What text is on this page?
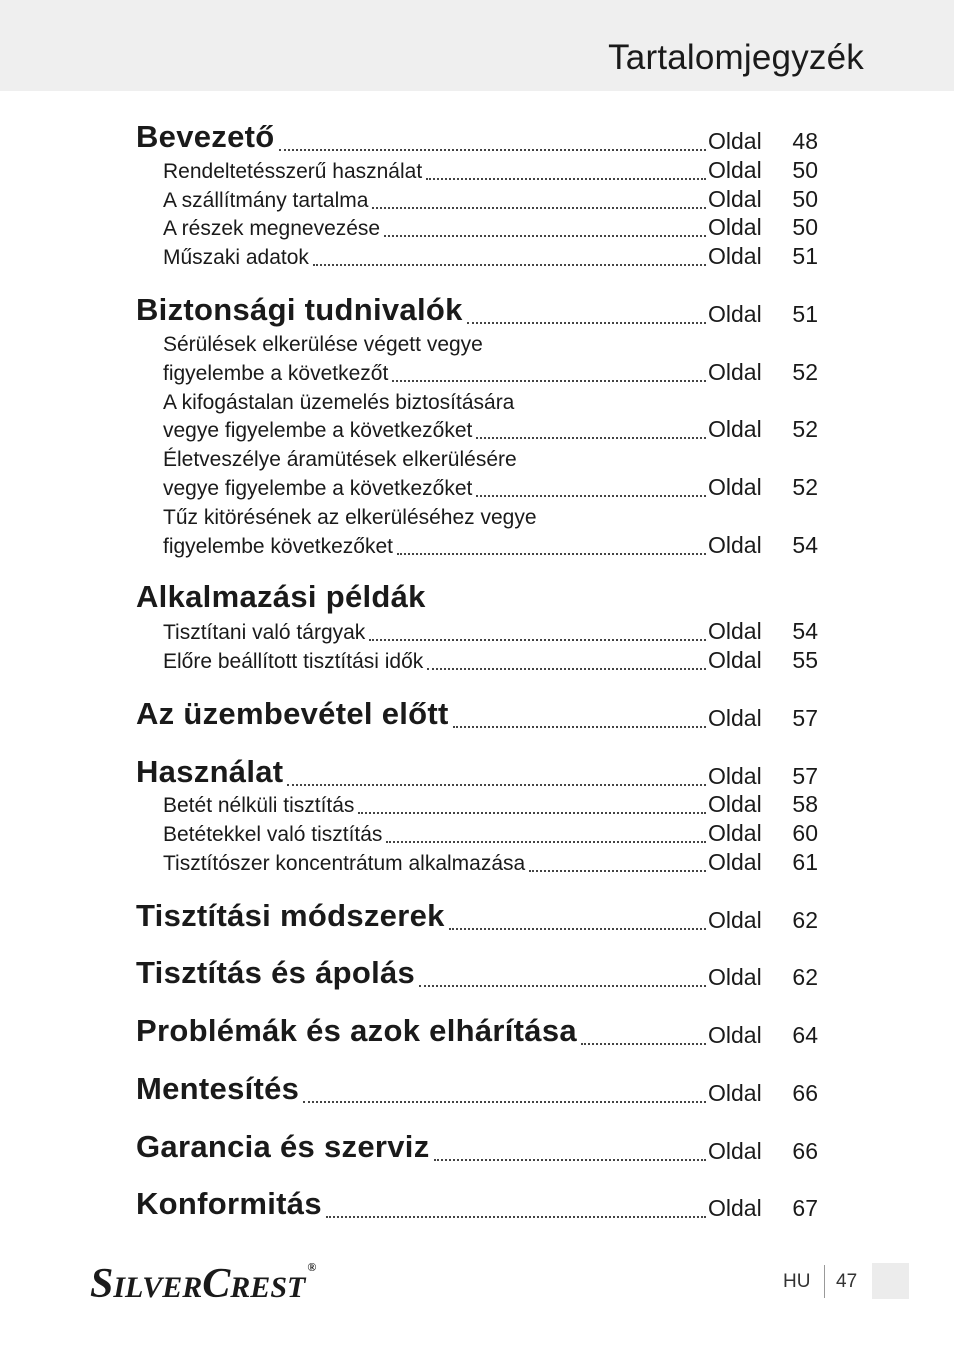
Tartalomjegyzék
Bevezető	Oldal 48
Rendeltetésszerű használat	Oldal 50
A szállítmány tartalma	Oldal 50
A részek megnevezése	Oldal 50
Műszaki adatok	Oldal 51
Biztonsági tudnivalók	Oldal 51
Sérülések elkerülése végett vegye
figyelembe a következőt	Oldal 52
A kifogástalan üzemelés biztosítására
vegye figyelembe a következőket	Oldal 52
Életveszélye áramütések elkerülésére
vegye figyelembe a következőket	Oldal 52
Tűz kitörésének az elkerüléséhez vegye
figyelembe következőket	Oldal 54
Alkalmazási példák
Tisztítani való tárgyak	Oldal 54
Előre beállított tisztítási idők	Oldal 55
Az üzembevétel előtt	Oldal 57
Használat	Oldal 57
Betét nélküli tisztítás	Oldal 58
Betétekkel való tisztítás	Oldal 60
Tisztítószer koncentrátum alkalmazása	Oldal 61
Tisztítási módszerek	Oldal 62
Tisztítás és ápolás	Oldal 62
Problémák és azok elhárítása	Oldal 64
Mentesítés	Oldal 66
Garancia és szerviz	Oldal 66
Konformitás	Oldal 67
SILVERCREST®
HU 47
